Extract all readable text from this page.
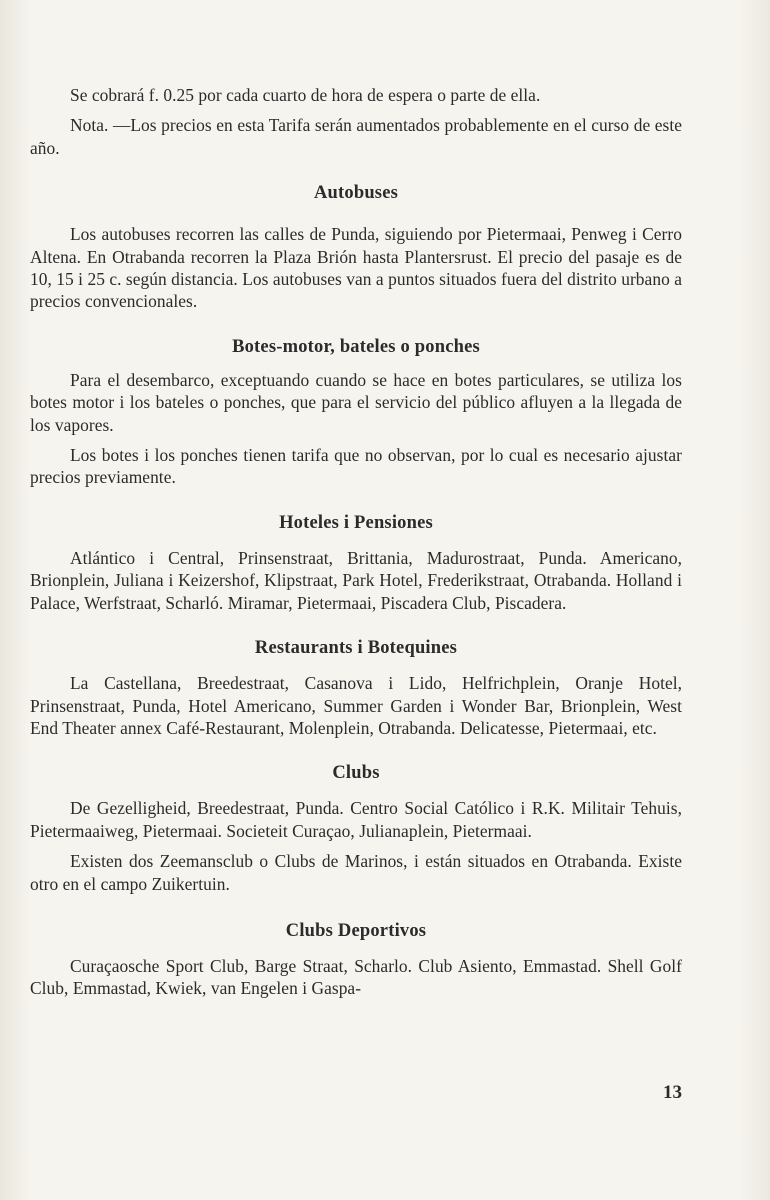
Se cobrará f. 0.25 por cada cuarto de hora de espera o parte de ella.

Nota. —Los precios en esta Tarifa serán aumentados probablemente en el curso de este año.

Autobuses

Los autobuses recorren las calles de Punda, siguiendo por Pietermaai, Penweg i Cerro Altena. En Otrabanda recorren la Plaza Brión hasta Plantersrust. El precio del pasaje es de 10, 15 i 25 c. según distancia. Los autobuses van a puntos situados fuera del distrito urbano a precios convencionales.

Botes-motor, bateles o ponches

Para el desembarco, exceptuando cuando se hace en botes particulares, se utiliza los botes motor i los bateles o ponches, que para el servicio del público afluyen a la llegada de los vapores.

Los botes i los ponches tienen tarifa que no observan, por lo cual es necesario ajustar precios previamente.

Hoteles i Pensiones

Atlántico i Central, Prinsenstraat, Brittania, Madurostraat, Punda. Americano, Brionplein, Juliana i Keizershof, Klipstraat, Park Hotel, Frederikstraat, Otrabanda. Holland i Palace, Werfstraat, Scharló. Miramar, Pietermaai, Piscadera Club, Piscadera.

Restaurants i Botequines

La Castellana, Breedestraat, Casanova i Lido, Helfrichplein, Oranje Hotel, Prinsenstraat, Punda, Hotel Americano, Summer Garden i Wonder Bar, Brionplein, West End Theater annex Café-Restaurant, Molenplein, Otrabanda. Delicatesse, Pietermaai, etc.

Clubs

De Gezelligheid, Breedestraat, Punda. Centro Social Católico i R.K. Militair Tehuis, Pietermaaiweg, Pietermaai. Societeit Curaçao, Julianaplein, Pietermaai.

Existen dos Zeemansclub o Clubs de Marinos, i están situados en Otrabanda. Existe otro en el campo Zuikertuin.

Clubs Deportivos

Curaçaosche Sport Club, Barge Straat, Scharlo. Club Asiento, Emmastad. Shell Golf Club, Emmastad, Kwiek, van Engelen i Gaspa-

13
